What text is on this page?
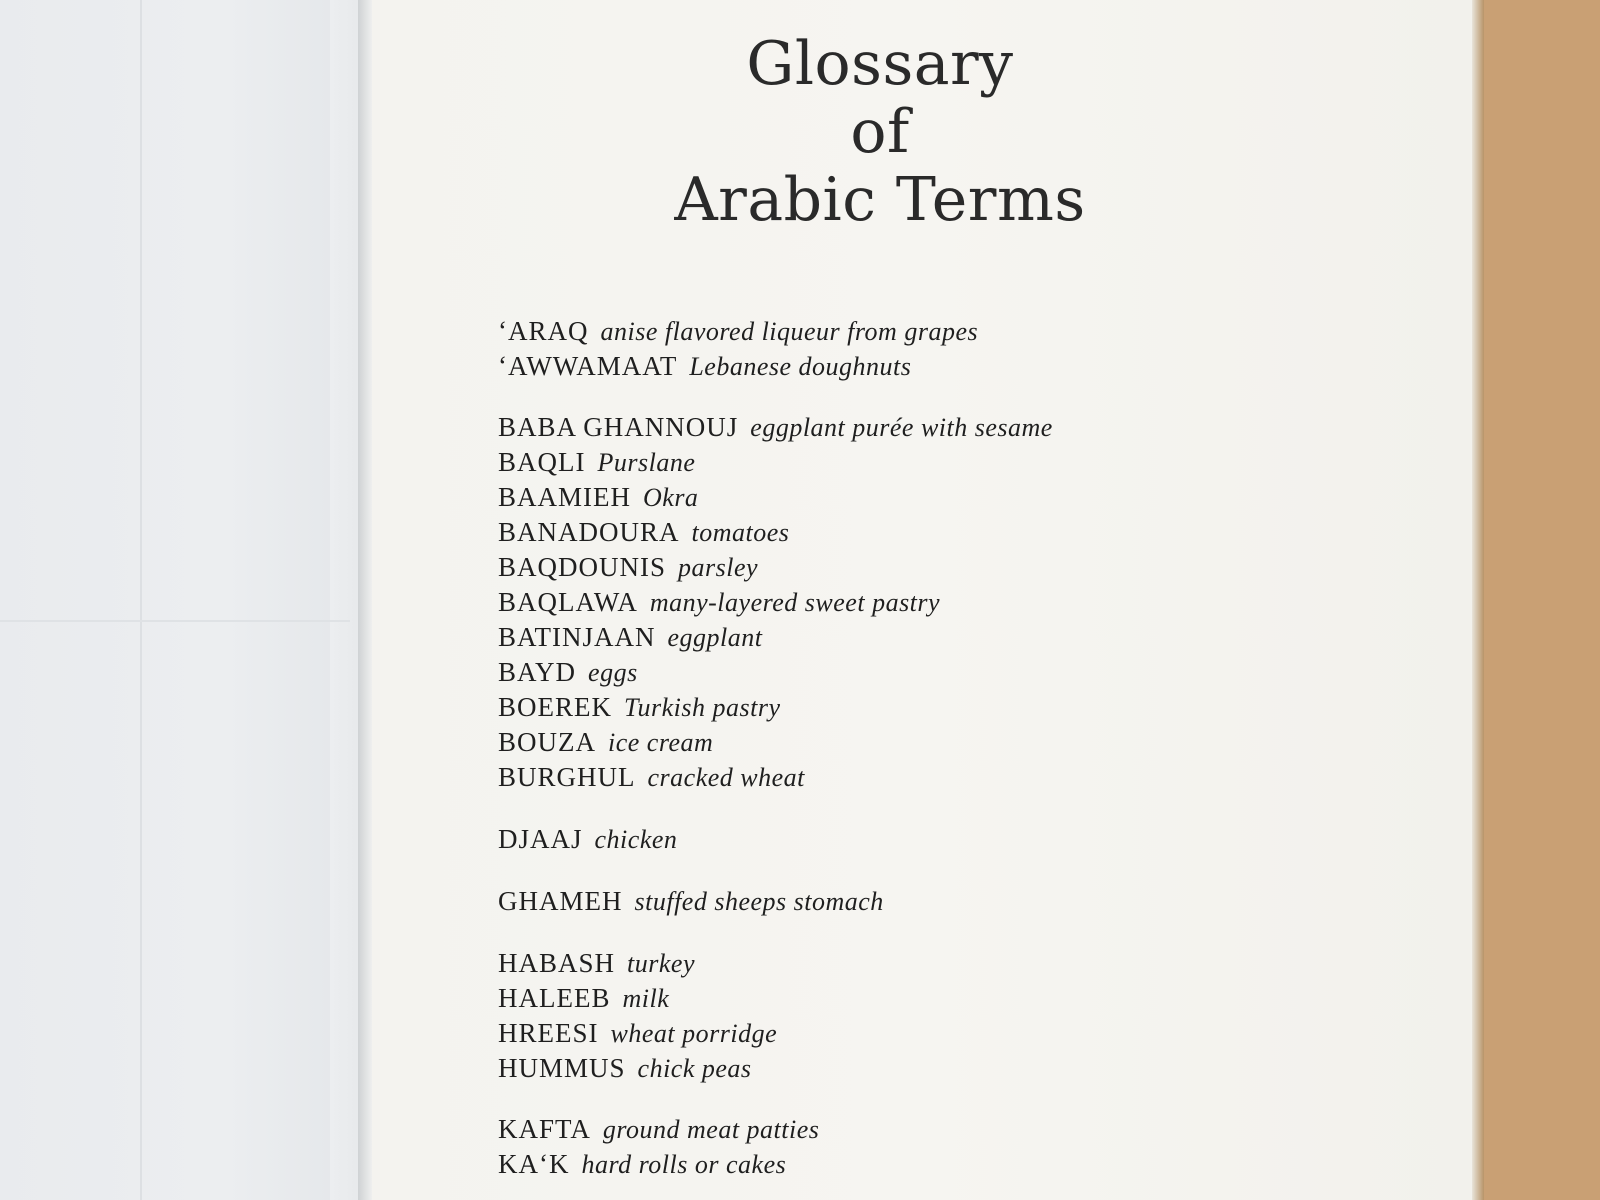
Glossary
of
Arabic Terms
‘ARAQ anise flavored liqueur from grapes
‘AWWAMAAT Lebanese doughnuts
BABA GHANNOUJ eggplant purée with sesame
BAQLI Purslane
BAAMIEH Okra
BANADOURA tomatoes
BAQDOUNIS parsley
BAQLAWA many-layered sweet pastry
BATINJAAN eggplant
BAYD eggs
BOEREK Turkish pastry
BOUZA ice cream
BURGHUL cracked wheat
DJAAJ chicken
GHAMEH stuffed sheeps stomach
HABASH turkey
HALEEB milk
HREESI wheat porridge
HUMMUS chick peas
KAFTA ground meat patties
KA‘K hard rolls or cakes
